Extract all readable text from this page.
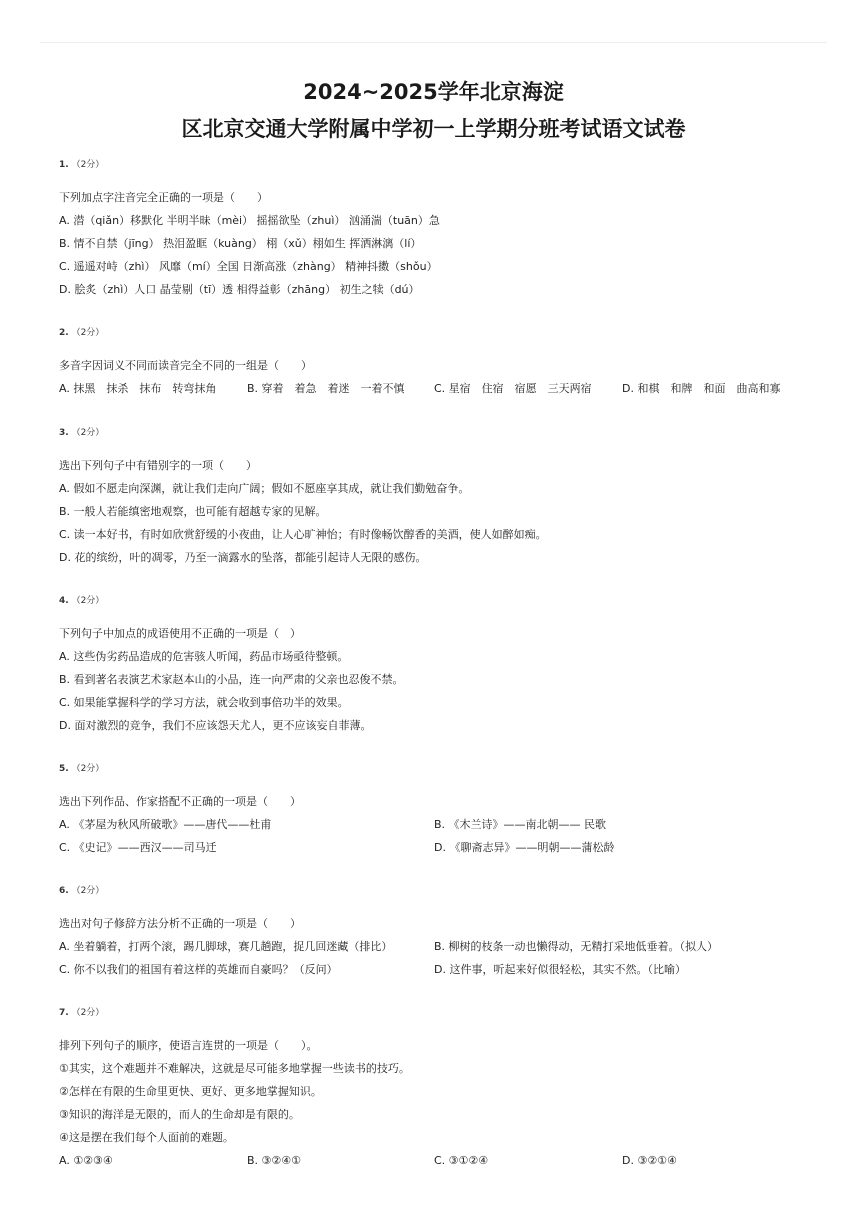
2024~2025学年北京海淀
区北京交通大学附属中学初一上学期分班考试语文试卷
1. （2分）
下列加点字注音完全正确的一项是（　　）
A. 潜（qiǎn）移默化 半明半昧（mèi） 摇摇欲坠（zhuì） 汹涌湍（tuān）急
B. 情不自禁（jīng） 热泪盈眶（kuàng） 栩（xǔ）栩如生 挥洒淋漓（lí）
C. 遥遥对峙（zhì） 风靡（mí）全国 日渐高涨（zhàng） 精神抖擞（shǒu）
D. 脍炙（zhì）人口 晶莹剔（tī）透 相得益彰（zhāng） 初生之犊（dú）
2. （2分）
多音字因词义不同而读音完全不同的一组是（　　）
A. 抹黑　抹杀　抹布　转弯抹角	B. 穿着　着急　着迷　一着不慎	C. 星宿　住宿　宿愿　三天两宿	D. 和棋　和牌　和面　曲高和寡
3. （2分）
选出下列句子中有错别字的一项（　　）
A. 假如不愿走向深渊，就让我们走向广阔；假如不愿座享其成，就让我们勤勉奋争。
B. 一般人若能缜密地观察，也可能有超越专家的见解。
C. 读一本好书，有时如欣赏舒缓的小夜曲，让人心旷神怡；有时像畅饮醇香的美酒，使人如醉如痴。
D. 花的缤纷，叶的凋零，乃至一滴露水的坠落，都能引起诗人无限的感伤。
4. （2分）
下列句子中加点的成语使用不正确的一项是（　）
A. 这些伪劣药品造成的危害骇人听闻，药品市场亟待整顿。
B. 看到著名表演艺术家赵本山的小品，连一向严肃的父亲也忍俊不禁。
C. 如果能掌握科学的学习方法，就会收到事倍功半的效果。
D. 面对激烈的竞争，我们不应该怨天尤人，更不应该妄自菲薄。
5. （2分）
选出下列作品、作家搭配不正确的一项是（　　）
A. 《茅屋为秋风所破歌》——唐代——杜甫	B. 《木兰诗》——南北朝—— 民歌
C. 《史记》——西汉——司马迁	D. 《聊斋志异》——明朝——蒲松龄
6. （2分）
选出对句子修辞方法分析不正确的一项是（　　）
A. 坐着躺着，打两个滚，踢几脚球，赛几趟跑，捉几回迷藏（排比）	B. 柳树的枝条一动也懒得动，无精打采地低垂着。（拟人）
C. 你不以我们的祖国有着这样的英雄而自豪吗？（反问）	D. 这件事，听起来好似很轻松，其实不然。（比喻）
7. （2分）
排列下列句子的顺序，使语言连贯的一项是（　　）。
①其实，这个难题并不难解决，这就是尽可能多地掌握一些读书的技巧。
②怎样在有限的生命里更快、更好、更多地掌握知识。
③知识的海洋是无限的，而人的生命却是有限的。
④这是摆在我们每个人面前的难题。
A. ①②③④	B. ③②④①	C. ③①②④	D. ③②①④
